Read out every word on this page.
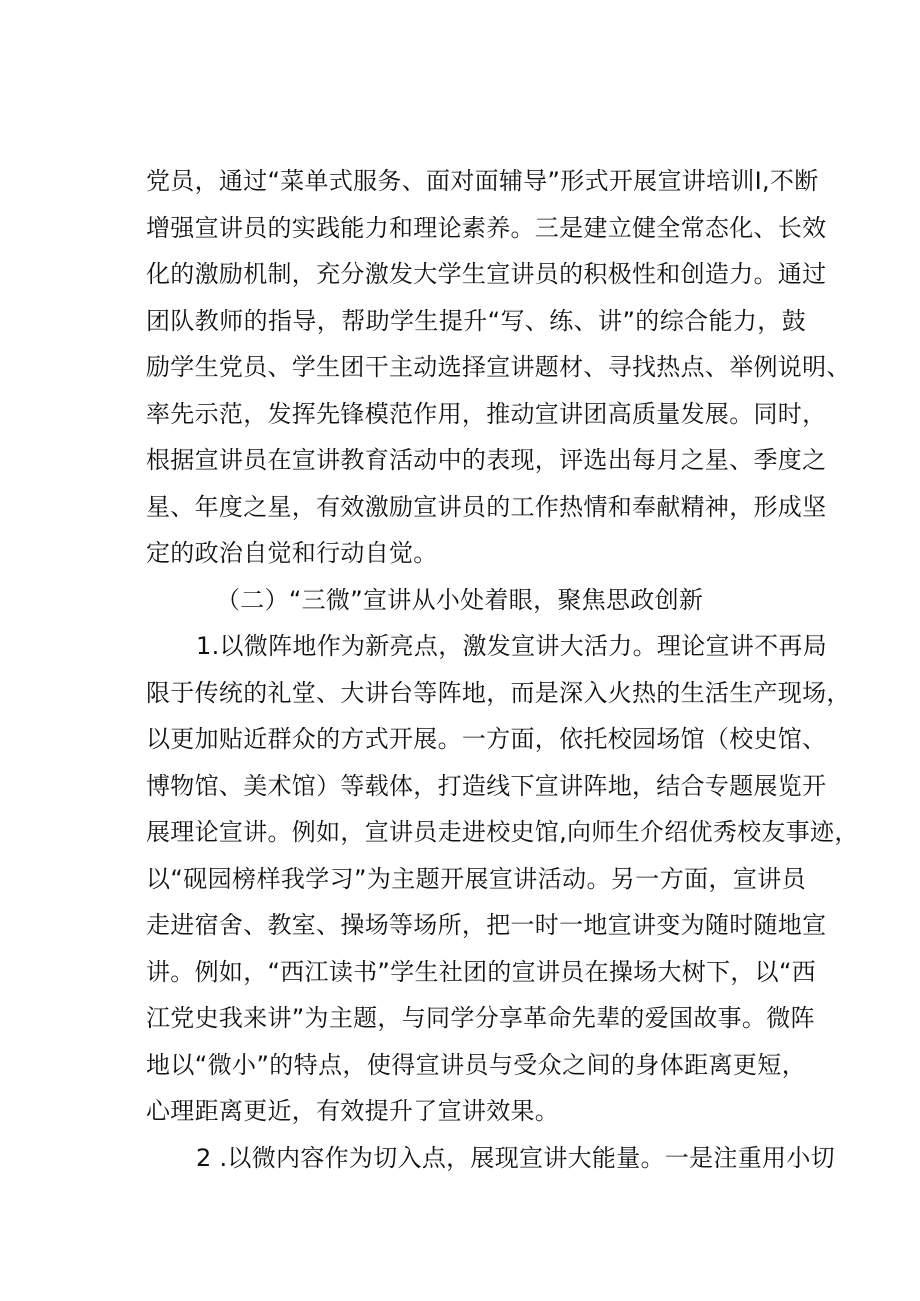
党员，通过“菜单式服务、面对面辅导”形式开展宣讲培训I,不断
增强宣讲员的实践能力和理论素养。三是建立健全常态化、长效
化的激励机制，充分激发大学生宣讲员的积极性和创造力。通过
团队教师的指导，帮助学生提升“写、练、讲”的综合能力，鼓
励学生党员、学生团干主动选择宣讲题材、寻找热点、举例说明、
率先示范，发挥先锋模范作用，推动宣讲团高质量发展。同时，
根据宣讲员在宣讲教育活动中的表现，评选出每月之星、季度之
星、年度之星，有效激励宣讲员的工作热情和奉献精神，形成坚
定的政治自觉和行动自觉。
（二）“三微”宣讲从小处着眼，聚焦思政创新
1.以微阵地作为新亮点，激发宣讲大活力。理论宣讲不再局
限于传统的礼堂、大讲台等阵地，而是深入火热的生活生产现场，
以更加贴近群众的方式开展。一方面，依托校园场馆（校史馆、
博物馆、美术馆）等载体，打造线下宣讲阵地，结合专题展览开
展理论宣讲。例如，宣讲员走进校史馆,向师生介绍优秀校友事迹，
以“砚园榜样我学习”为主题开展宣讲活动。另一方面，宣讲员
走进宿舍、教室、操场等场所，把一时一地宣讲变为随时随地宣
讲。例如，“西江读书”学生社团的宣讲员在操场大树下，以“西
江党史我来讲”为主题，与同学分享革命先辈的爱国故事。微阵
地以“微小”的特点，使得宣讲员与受众之间的身体距离更短，
心理距离更近，有效提升了宣讲效果。
2 .以微内容作为切入点，展现宣讲大能量。一是注重用小切
